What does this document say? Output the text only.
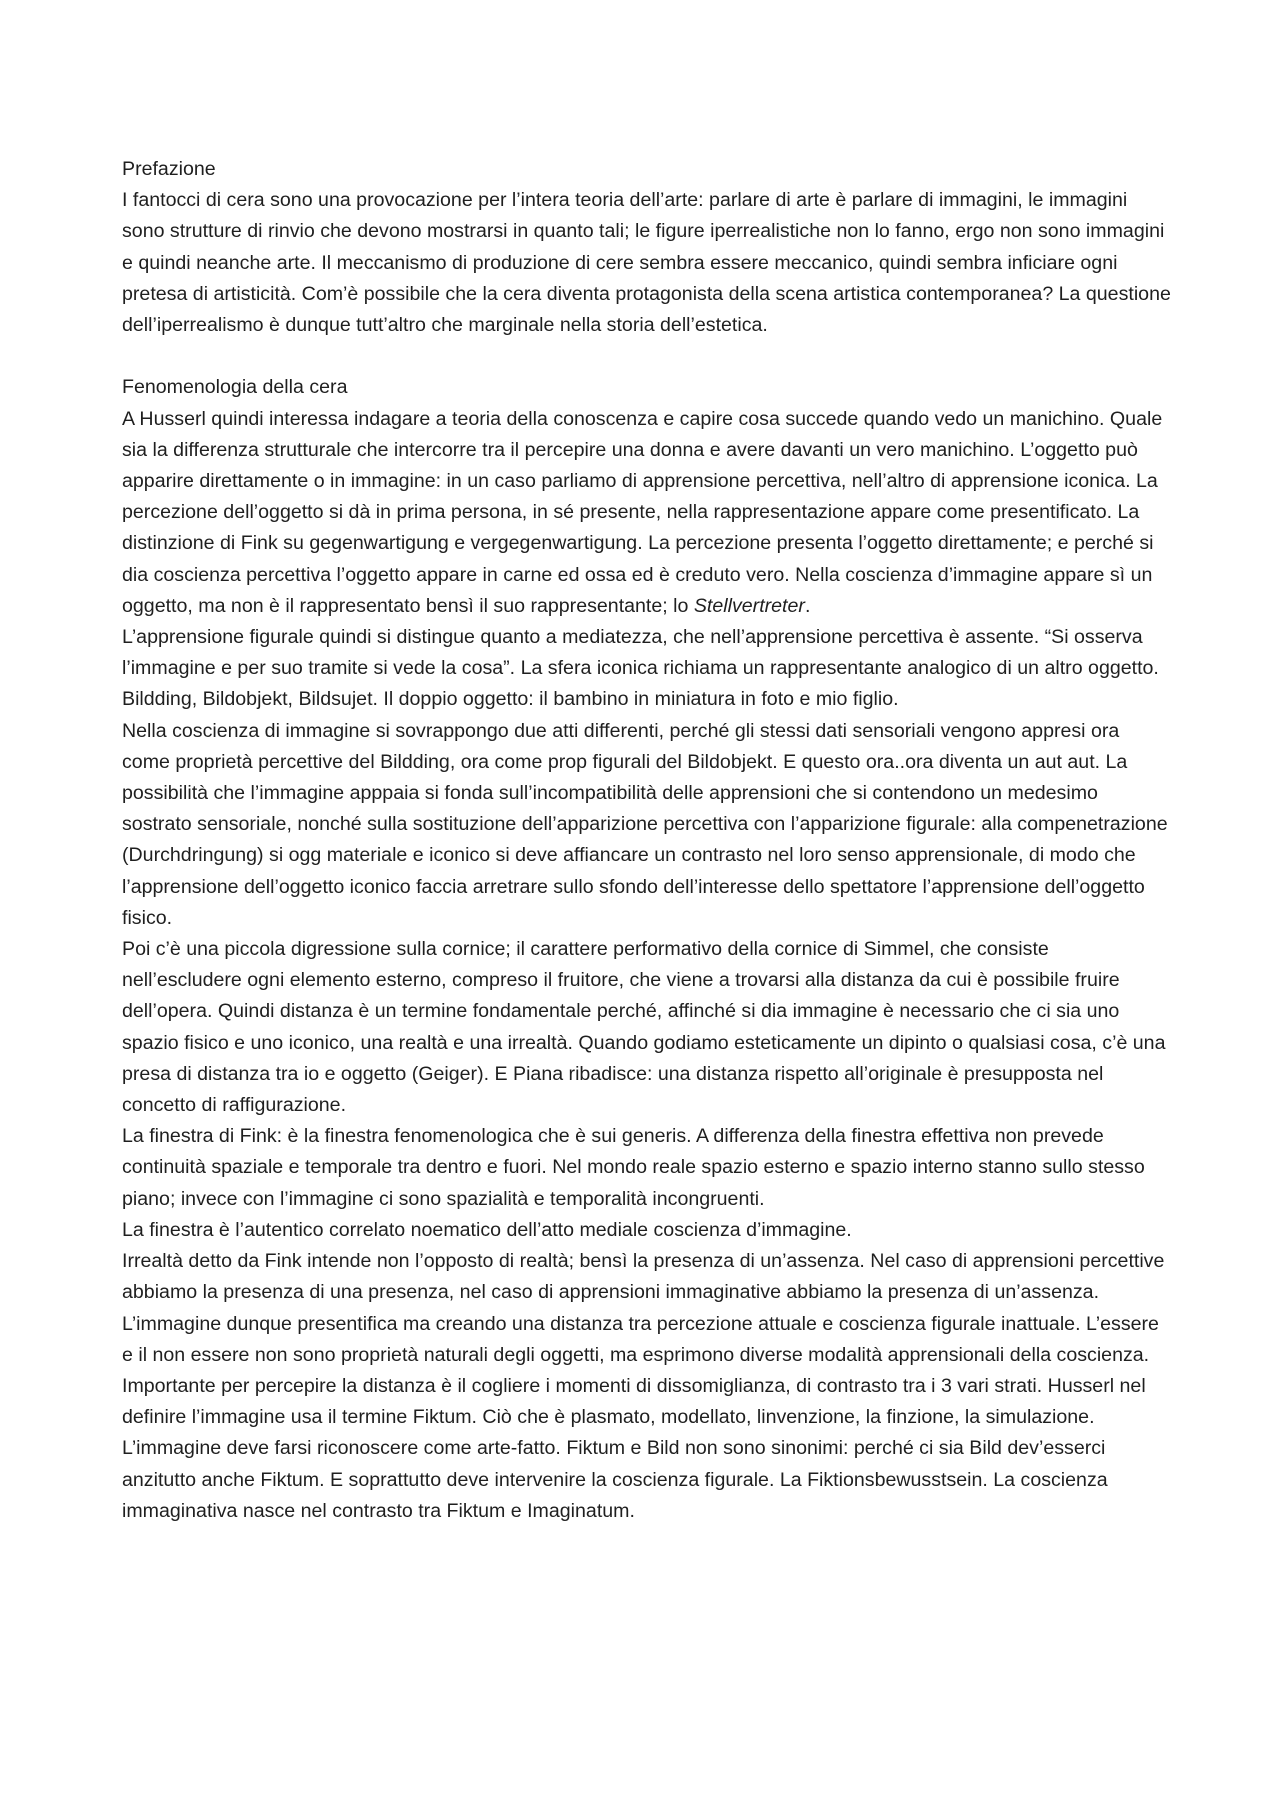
Prefazione

I fantocci di cera sono una provocazione per l’intera teoria dell’arte: parlare di arte è parlare di immagini, le immagini sono strutture di rinvio che devono mostrarsi in quanto tali; le figure iperrealistiche non lo fanno, ergo non sono immagini e quindi neanche arte. Il meccanismo di produzione di cere sembra essere meccanico, quindi sembra inficiare ogni pretesa di artisticità. Com’è possibile che la cera diventa protagonista della scena artistica contemporanea? La questione dell’iperrealismo è dunque tutt’altro che marginale nella storia dell’estetica.

Fenomenologia della cera

A Husserl quindi interessa indagare a teoria della conoscenza e capire cosa succede quando vedo un manichino. Quale sia la differenza strutturale che intercorre tra il percepire una donna e avere davanti un vero manichino. L’oggetto può apparire direttamente o in immagine: in un caso parliamo di apprensione percettiva, nell’altro di apprensione iconica. La percezione dell’oggetto si dà in prima persona, in sé presente, nella rappresentazione appare come presentificato. La distinzione di Fink su gegenwartigung e vergegenwartigung. La percezione presenta l’oggetto direttamente; e perché si dia coscienza percettiva l’oggetto appare in carne ed ossa ed è creduto vero. Nella coscienza d’immagine appare sì un oggetto, ma non è il rappresentato bensì il suo rappresentante; lo Stellvertreter.

L’apprensione figurale quindi si distingue quanto a mediatezza, che nell’apprensione percettiva è assente. “Si osserva l’immagine e per suo tramite si vede la cosa”. La sfera iconica richiama un rappresentante analogico di un altro oggetto.

Bildding, Bildobjekt, Bildsujet. Il doppio oggetto: il bambino in miniatura in foto e mio figlio.

Nella coscienza di immagine si sovrappongo due atti differenti, perché gli stessi dati sensoriali vengono appresi ora come proprietà percettive del Bildding, ora come prop figurali del Bildobjekt. E questo ora..ora diventa un aut aut. La possibilità che l’immagine apppaia si fonda sull’incompatibilità delle apprensioni che si contendono un medesimo sostrato sensoriale, nonché sulla sostituzione dell’apparizione percettiva con l’apparizione figurale: alla compenetrazione (Durchdringung) si ogg materiale e iconico si deve affiancare un contrasto nel loro senso apprensionale, di modo che l’apprensione dell’oggetto iconico faccia arretrare sullo sfondo dell’interesse dello spettatore l’apprensione dell’oggetto fisico.

Poi c’è una piccola digressione sulla cornice; il carattere performativo della cornice di Simmel, che consiste nell’escludere ogni elemento esterno, compreso il fruitore, che viene a trovarsi alla distanza da cui è possibile fruire dell’opera. Quindi distanza è un termine fondamentale perché, affinché si dia immagine è necessario che ci sia uno spazio fisico e uno iconico, una realtà e una irrealtà. Quando godiamo esteticamente un dipinto o qualsiasi cosa, c’è una presa di distanza tra io e oggetto (Geiger). E Piana ribadisce: una distanza rispetto all’originale è presupposta nel concetto di raffigurazione.

La finestra di Fink: è la finestra fenomenologica che è sui generis. A differenza della finestra effettiva non prevede continuità spaziale e temporale tra dentro e fuori. Nel mondo reale spazio esterno e spazio interno stanno sullo stesso piano; invece con l’immagine ci sono spazialità e temporalità incongruenti.

La finestra è l’autentico correlato noematico dell’atto mediale coscienza d’immagine.

Irrealtà detto da Fink intende non l’opposto di realtà; bensì la presenza di un’assenza. Nel caso di apprensioni percettive abbiamo la presenza di una presenza, nel caso di apprensioni immaginative abbiamo la presenza di un’assenza.

L’immagine dunque presentifica ma creando una distanza tra percezione attuale e coscienza figurale inattuale. L’essere e il non essere non sono proprietà naturali degli oggetti, ma esprimono diverse modalità apprensionali della coscienza.

Importante per percepire la distanza è il cogliere i momenti di dissomiglianza, di contrasto tra i 3 vari strati. Husserl nel definire l’immagine usa il termine Fiktum. Ciò che è plasmato, modellato, linvenzione, la finzione, la simulazione. L’immagine deve farsi riconoscere come arte-fatto. Fiktum e Bild non sono sinonimi: perché ci sia Bild dev’esserci anzitutto anche Fiktum. E soprattutto deve intervenire la coscienza figurale. La Fiktionsbewusstsein. La coscienza immaginativa nasce nel contrasto tra Fiktum e Imaginatum.
